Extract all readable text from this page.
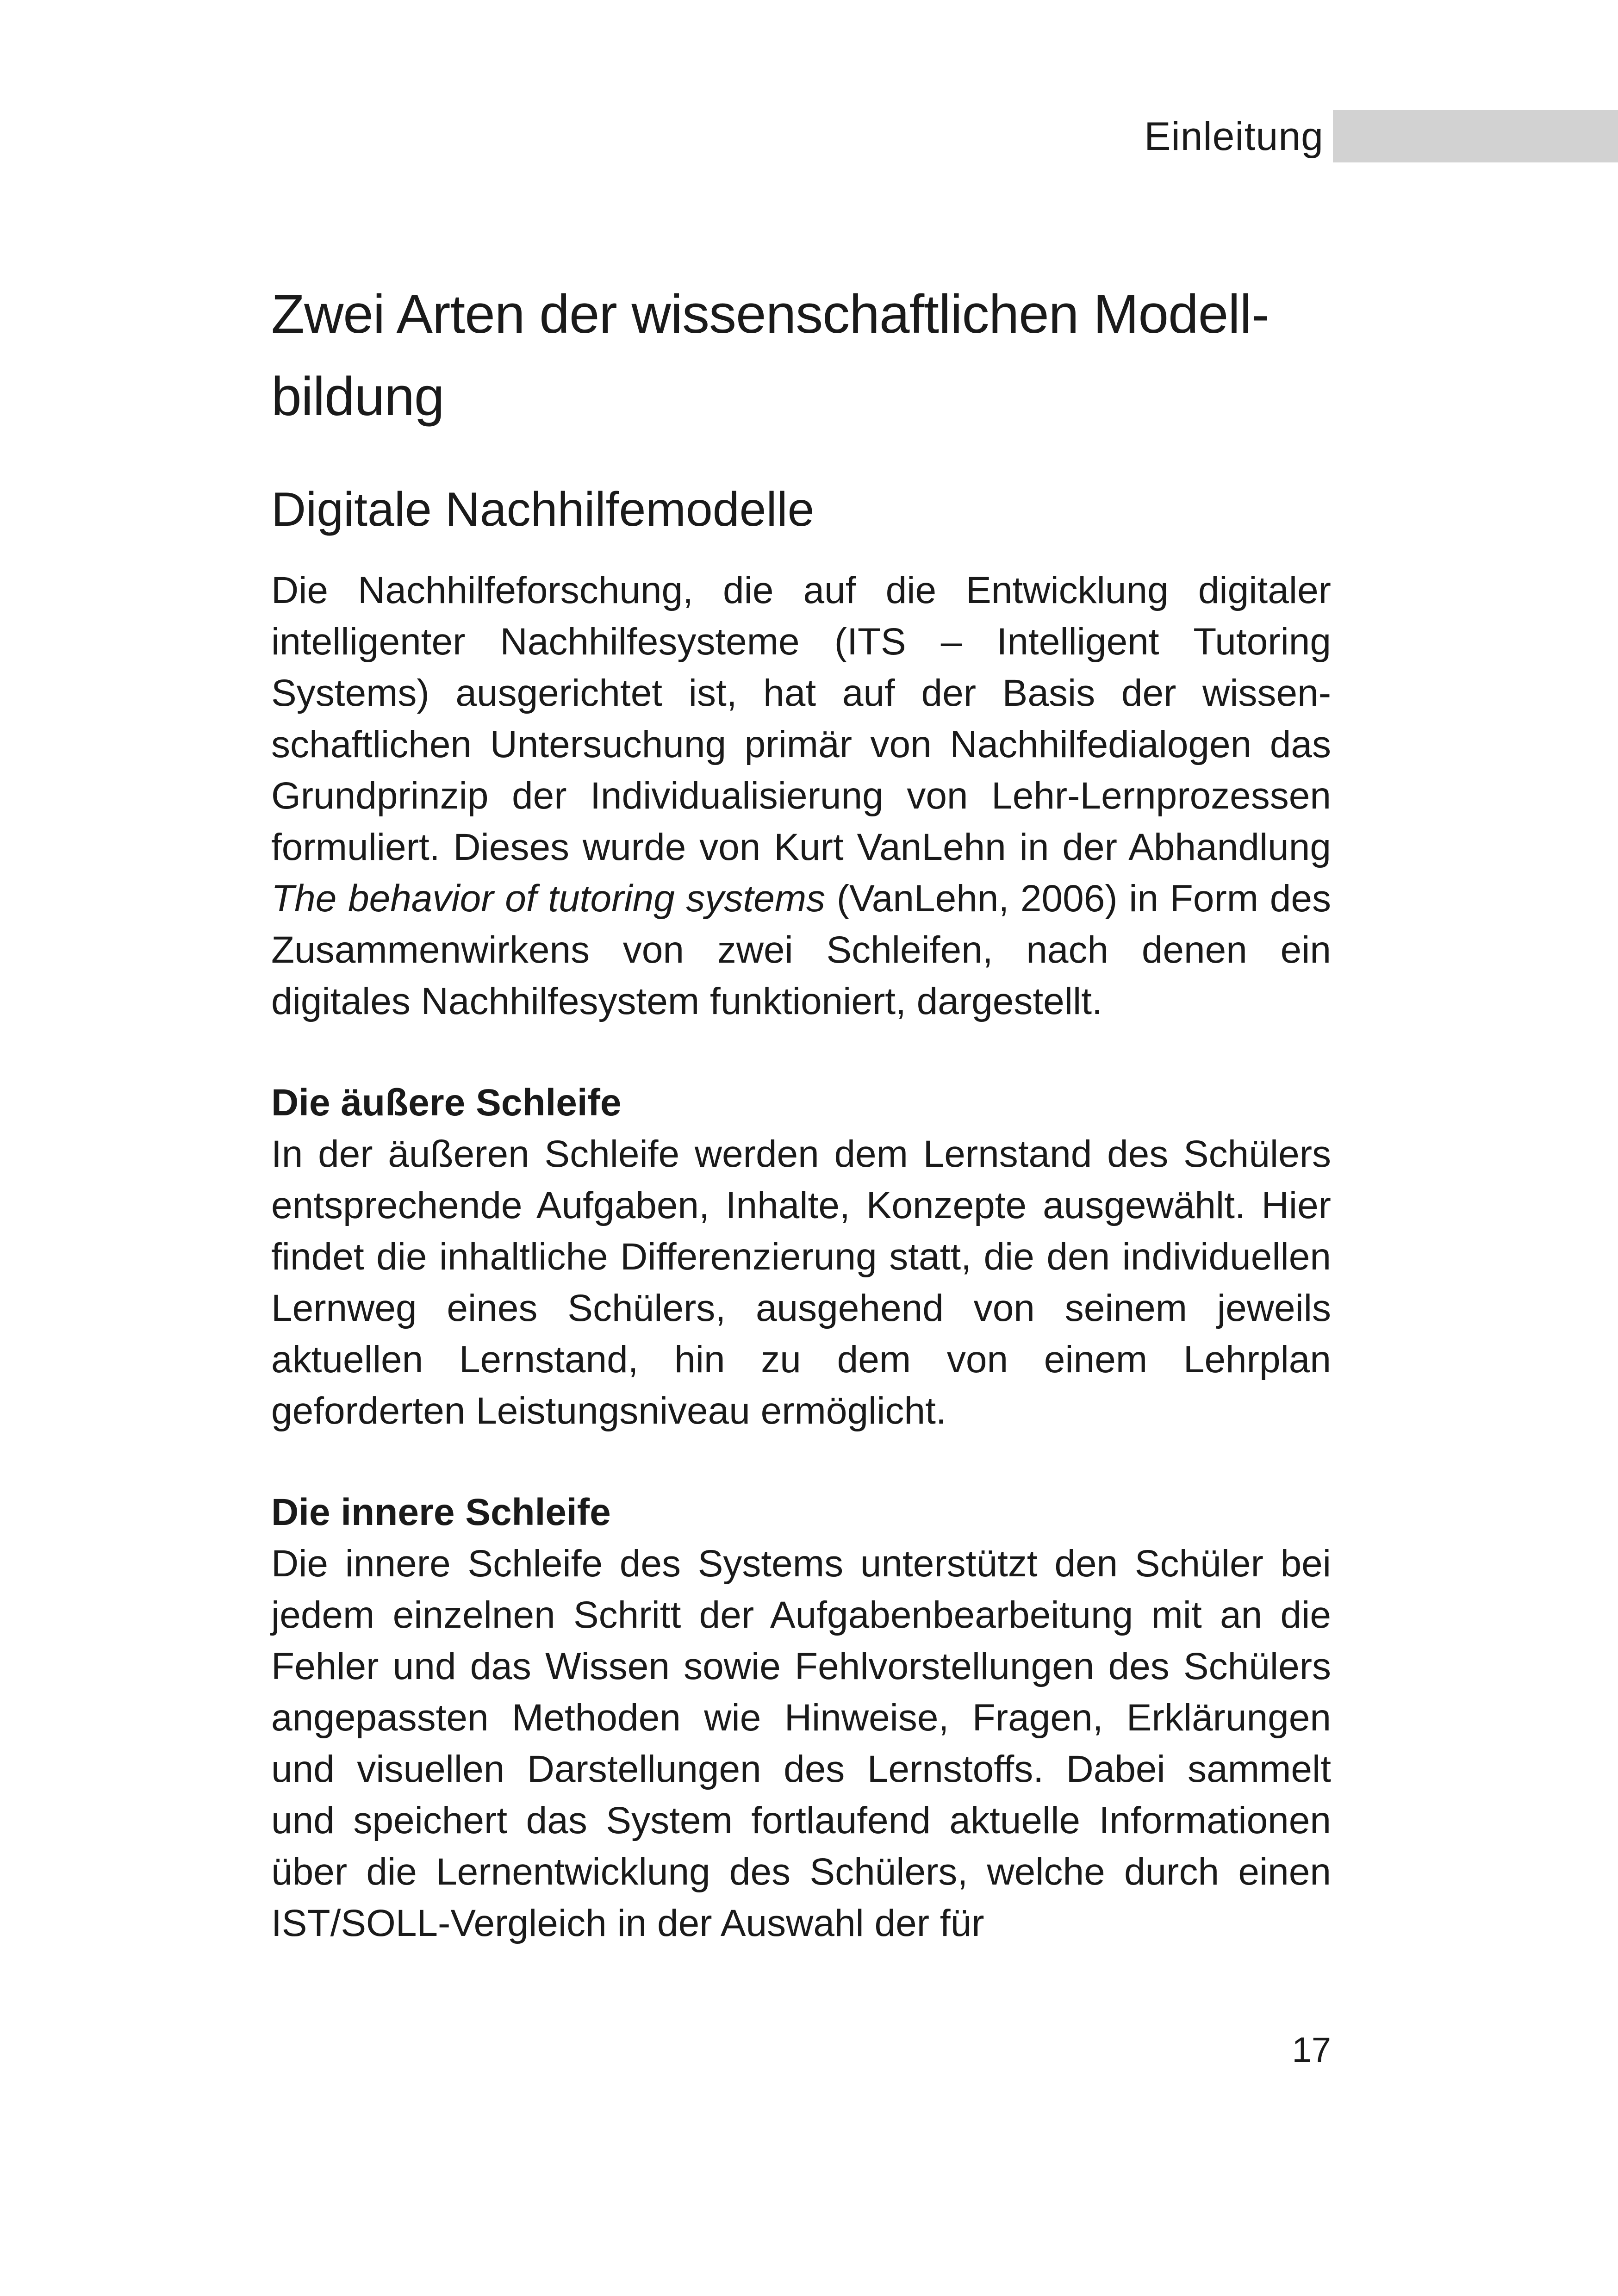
Einleitung
Zwei Arten der wissenschaftlichen Modellbildung
Digitale Nachhilfemodelle

Die Nachhilfeforschung, die auf die Entwicklung digitaler intelligenter Nachhilfesysteme (ITS – Intelligent Tutoring Systems) ausgerichtet ist, hat auf der Basis der wissenschaftlichen Untersuchung primär von Nachhilfedialogen das Grundprinzip der Individualisierung von Lehr-Lernprozessen formuliert. Dieses wurde von Kurt VanLehn in der Abhandlung The behavior of tutoring systems (VanLehn, 2006) in Form des Zusammenwirkens von zwei Schleifen, nach denen ein digitales Nachhilfesystem funktioniert, dargestellt.

Die äußere Schleife

In der äußeren Schleife werden dem Lernstand des Schülers entsprechende Aufgaben, Inhalte, Konzepte ausgewählt. Hier findet die inhaltliche Differenzierung statt, die den individuellen Lernweg eines Schülers, ausgehend von seinem jeweils aktuellen Lernstand, hin zu dem von einem Lehrplan geforderten Leistungsniveau ermöglicht.

Die innere Schleife

Die innere Schleife des Systems unterstützt den Schüler bei jedem einzelnen Schritt der Aufgabenbearbeitung mit an die Fehler und das Wissen sowie Fehlvorstellungen des Schülers angepassten Methoden wie Hinweise, Fragen, Erklärungen und visuellen Darstellungen des Lernstoffs. Dabei sammelt und speichert das System fortlaufend aktuelle Informationen über die Lernentwicklung des Schülers, welche durch einen IST/SOLL-Vergleich in der Auswahl der für

17
